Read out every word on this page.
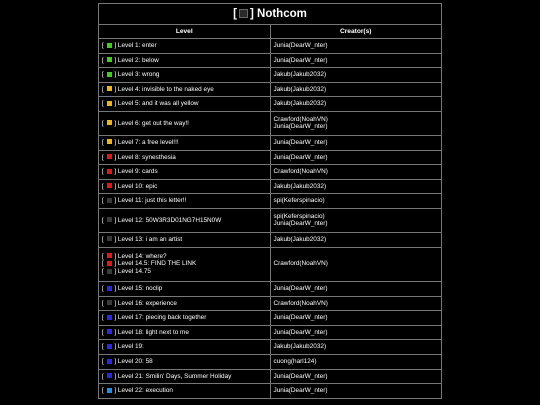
[ ] Nothcom	
Level	Creator(s)

[  ] Level 1: enter	Junia(DearW_nter)

[  ] Level 2: below	Junia(DearW_nter)

[  ] Level 3: wrong	Jakub(Jakub2032)

[  ] Level 4: invisible to the naked eye	Jakub(Jakub2032)

[  ] Level 5: and it was all yellow	Jakub(Jakub2032)

[  ] Level 6: get out the way!!	Crawford(NoahVN)
Junia(DearW_nter)

[  ] Level 7: a free level!!!	Junia(DearW_nter)

[  ] Level 8: synesthesia	Junia(DearW_nter)

[  ] Level 9: cards	Crawford(NoahVN)

[  ] Level 10: epic	Jakub(Jakub2032)

[  ] Level 11: just this letter!!	spi(Keferspinacio)

[  ] Level 12: 50W3R3D01NG7H15N0W	spi(Keferspinacio)
Junia(DearW_nter)

[  ] Level 13: i am an artist	Jakub(Jakub2032)

[  ] Level 14: where?
[  ] Level 14.5: FIND THE LINK
[  ] Level 14.75	Crawford(NoahVN)

[  ] Level 15: noclip	Junia(DearW_nter)

[  ] Level 16: experience	Crawford(NoahVN)

[  ] Level 17: piecing back together	Junia(DearW_nter)

[  ] Level 18: light next to me	Junia(DearW_nter)

[  ] Level 19:	Jakub(Jakub2032)

[  ] Level 20: 58	cuong(harl124)

[  ] Level 21: Smilin' Days, Summer Holiday	Junia(DearW_nter)

[  ] Level 22: execution	Junia(DearW_nter)
